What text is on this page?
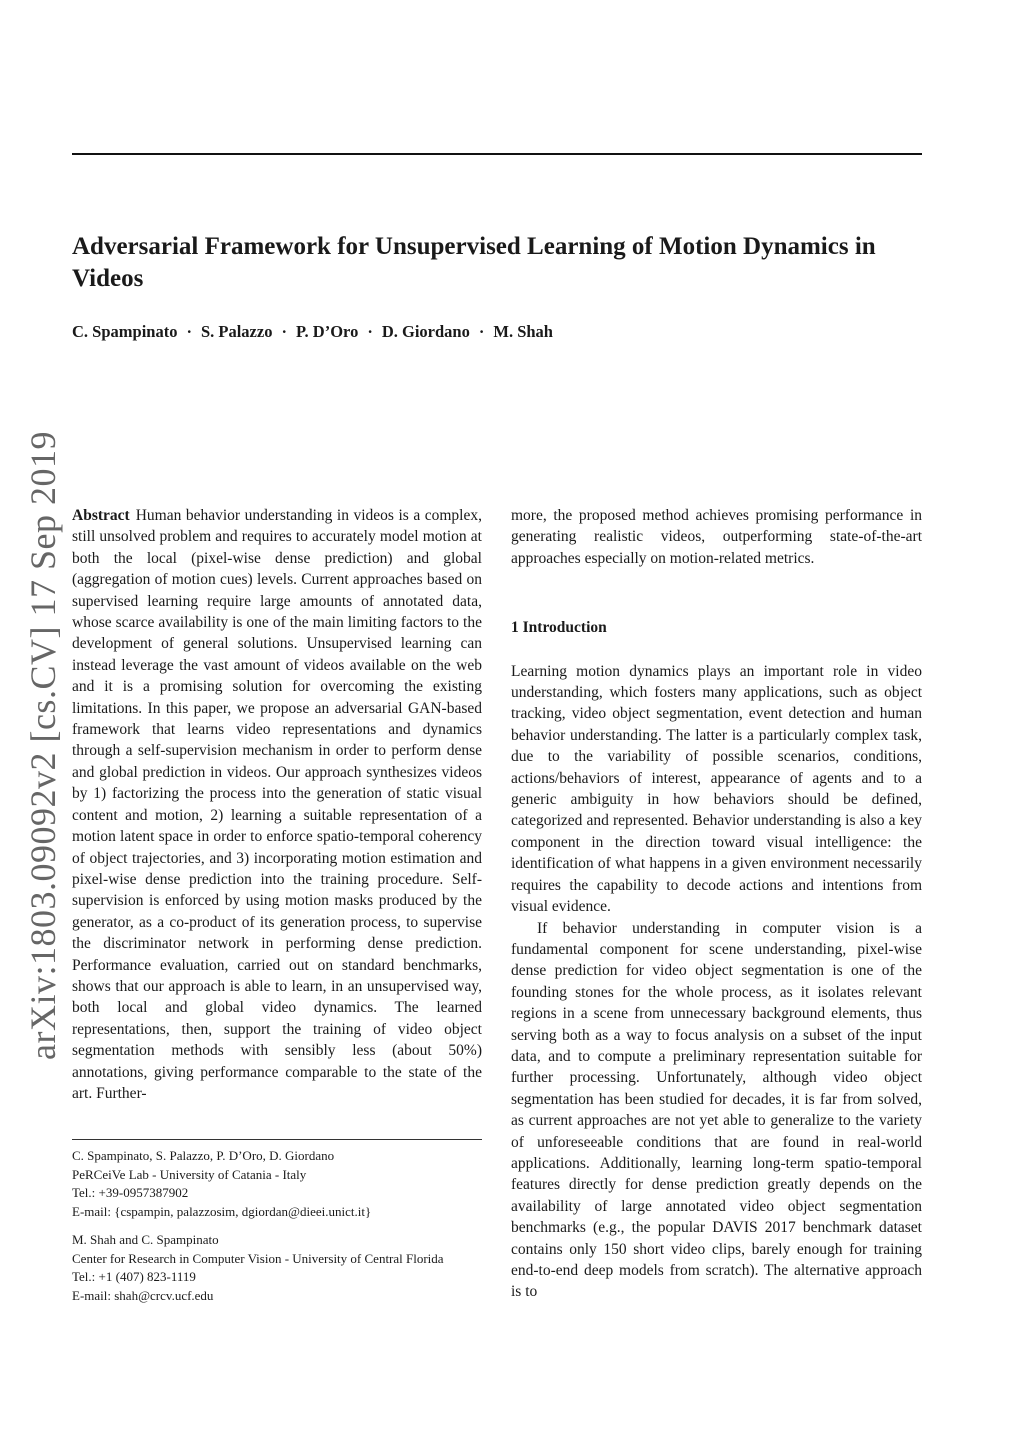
Adversarial Framework for Unsupervised Learning of Motion Dynamics in Videos
C. Spampinato · S. Palazzo · P. D’Oro · D. Giordano · M. Shah
arXiv:1803.09092v2 [cs.CV] 17 Sep 2019 Abstract Human behavior understanding in videos is a complex, still unsolved problem and requires to accurately model motion at both the local (pixel-wise dense prediction) and global (aggregation of motion cues) levels. Current approaches based on supervised learning require large amounts of annotated data, whose scarce availability is one of the main limiting factors to the development of general solutions. Unsupervised learning can instead leverage the vast amount of videos available on the web and it is a promising solution for overcoming the existing limitations. In this paper, we propose an adversarial GAN-based framework that learns video representations and dynamics through a self-supervision mechanism in order to perform dense and global prediction in videos. Our approach synthesizes videos by 1) factorizing the process into the generation of static visual content and motion, 2) learning a suitable representation of a motion latent space in order to enforce spatio-temporal coherency of object trajectories, and 3) incorporating motion estimation and pixel-wise dense prediction into the training procedure. Self-supervision is enforced by using motion masks produced by the generator, as a co-product of its generation process, to supervise the discriminator network in performing dense prediction. Performance evaluation, carried out on standard benchmarks, shows that our approach is able to learn, in an unsupervised way, both local and global video dynamics. The learned representations, then, support the training of video object segmentation methods with sensibly less (about 50%) annotations, giving performance comparable to the state of the art. Further-

C. Spampinato, S. Palazzo, P. D’Oro, D. Giordano
PeRCeiVe Lab - University of Catania - Italy
Tel.: +39-0957387902
E-mail: {cspampin, palazzosim, dgiordan@dieei.unict.it}
M. Shah and C. Spampinato
Center for Research in Computer Vision - University of Central Florida
Tel.: +1 (407) 823-1119
E-mail: shah@crcv.ucf.edu

more, the proposed method achieves promising performance in generating realistic videos, outperforming state-of-the-art approaches especially on motion-related metrics.

1 Introduction

Learning motion dynamics plays an important role in video understanding, which fosters many applications, such as object tracking, video object segmentation, event detection and human behavior understanding. The latter is a particularly complex task, due to the variability of possible scenarios, conditions, actions/behaviors of interest, appearance of agents and to a generic ambiguity in how behaviors should be defined, categorized and represented. Behavior understanding is also a key component in the direction toward visual intelligence: the identification of what happens in a given environment necessarily requires the capability to decode actions and intentions from visual evidence.

If behavior understanding in computer vision is a fundamental component for scene understanding, pixel-wise dense prediction for video object segmentation is one of the founding stones for the whole process, as it isolates relevant regions in a scene from unnecessary background elements, thus serving both as a way to focus analysis on a subset of the input data, and to compute a preliminary representation suitable for further processing. Unfortunately, although video object segmentation has been studied for decades, it is far from solved, as current approaches are not yet able to generalize to the variety of unforeseeable conditions that are found in real-world applications. Additionally, learning long-term spatio-temporal features directly for dense prediction greatly depends on the availability of large annotated video object segmentation benchmarks (e.g., the popular DAVIS 2017 benchmark dataset contains only 150 short video clips, barely enough for training end-to-end deep models from scratch). The alternative approach is to
